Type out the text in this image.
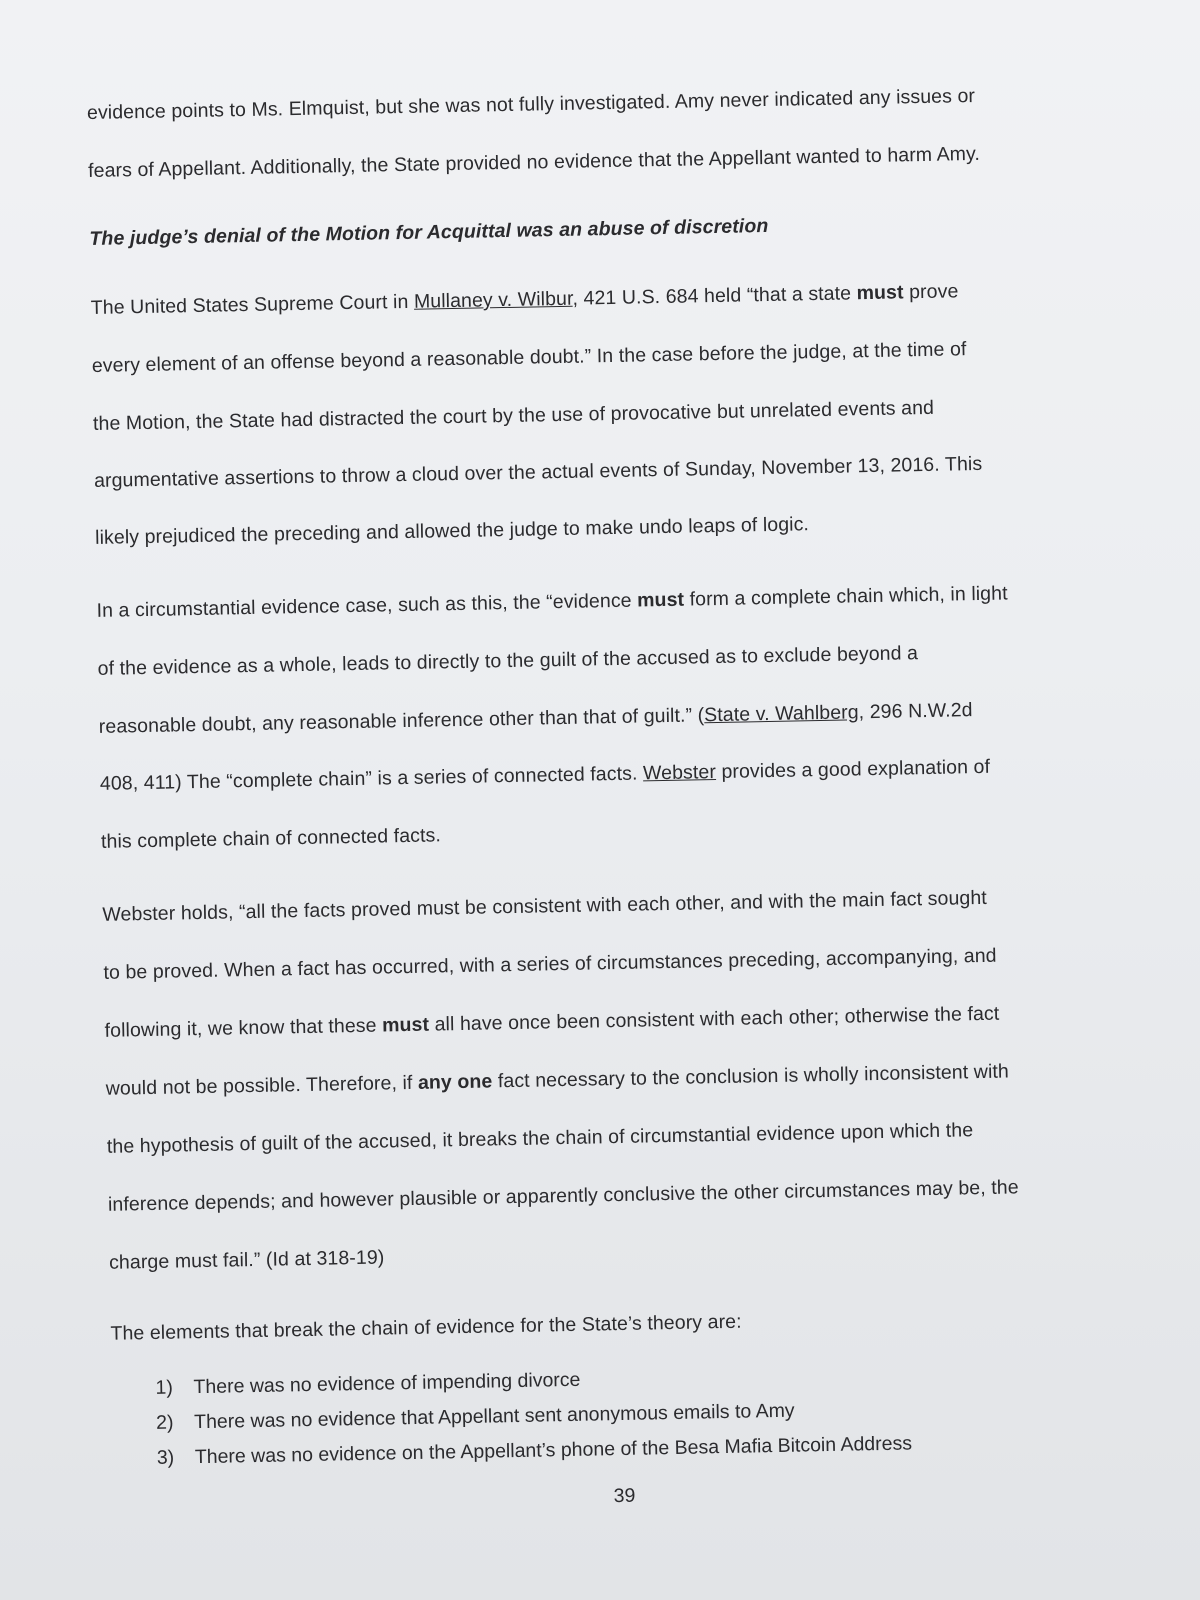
evidence points to Ms. Elmquist, but she was not fully investigated. Amy never indicated any issues or
fears of Appellant. Additionally, the State provided no evidence that the Appellant wanted to harm Amy.
The judge’s denial of the Motion for Acquittal was an abuse of discretion
The United States Supreme Court in Mullaney v. Wilbur, 421 U.S. 684 held “that a state must prove
every element of an offense beyond a reasonable doubt.” In the case before the judge, at the time of
the Motion, the State had distracted the court by the use of provocative but unrelated events and
argumentative assertions to throw a cloud over the actual events of Sunday, November 13, 2016. This
likely prejudiced the preceding and allowed the judge to make undo leaps of logic.
In a circumstantial evidence case, such as this, the “evidence must form a complete chain which, in light
of the evidence as a whole, leads to directly to the guilt of the accused as to exclude beyond a
reasonable doubt, any reasonable inference other than that of guilt.” (State v. Wahlberg, 296 N.W.2d
408, 411) The “complete chain” is a series of connected facts. Webster provides a good explanation of
this complete chain of connected facts.
Webster holds, “all the facts proved must be consistent with each other, and with the main fact sought
to be proved. When a fact has occurred, with a series of circumstances preceding, accompanying, and
following it, we know that these must all have once been consistent with each other; otherwise the fact
would not be possible. Therefore, if any one fact necessary to the conclusion is wholly inconsistent with
the hypothesis of guilt of the accused, it breaks the chain of circumstantial evidence upon which the
inference depends; and however plausible or apparently conclusive the other circumstances may be, the
charge must fail.” (Id at 318-19)
The elements that break the chain of evidence for the State’s theory are:
1) There was no evidence of impending divorce
2) There was no evidence that Appellant sent anonymous emails to Amy
3) There was no evidence on the Appellant’s phone of the Besa Mafia Bitcoin Address
39
